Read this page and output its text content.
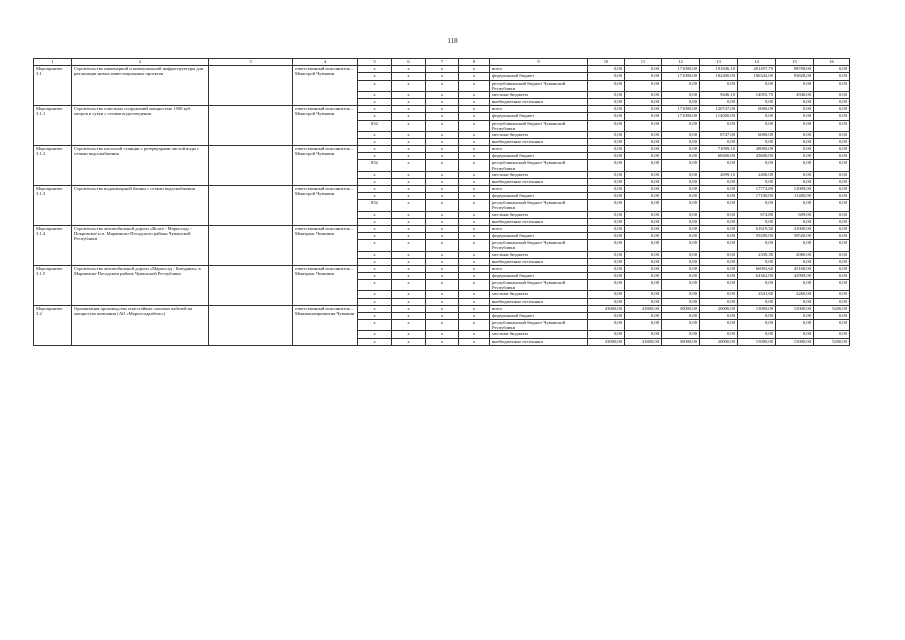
118
1	2	3	4	5	6	7	8	9	10	11	12	13	14	15	16
Мероприятие 3.1	Строительство инженерной и коммунальной инфраструктуры для реализации новых инвестиционных проектов		ответственный исполнитель – Минстрой Чувашии	x	x	x	x	всего	0,00	0,00	171000,00	191846,10	201297,70	98708,00	0,00
				x	x	x	x	федеральный бюджет	0,00	0,00	171000,00	182400,00	186342,00	93828,00	0,00
				x	x	x	x	республиканский бюджет Чувашской Республики	0,00	0,00	0,00	0,00	0,00	0,00	0,00
				x	x	x	x	местные бюджеты	0,00	0,00	0,00	9446,10	14955,70	4940,00	0,00
				x	x	x	x	внебюджетные источники	0,00	0,00	0,00	0,00	0,00	0,00	0,00
Мероприятие 3.1.1	Строительство очистных сооружений мощностью 1500 куб. метров в сутки с сетями водоотведения		ответственный исполнитель – Минстрой Чувашии	x	x	x	x	всего	0,00	0,00	171000,00	120747,00	6000,00	0,00	0,00
				x	x	x	x	федеральный бюджет	0,00	0,00	171000,00	114000,00	0,00	0,00	0,00
				832	x	x	x	республиканский бюджет Чувашской Республики	0,00	0,00	0,00	0,00	0,00	0,00	0,00
				x	x	x	x	местные бюджеты	0,00	0,00	0,00	6747,00	6000,00	0,00	0,00
				x	x	x	x	внебюджетные источники	0,00	0,00	0,00	0,00	0,00	0,00	0,00
Мероприятие 3.1.2	Строительство насосной станции с резервуарами чистой воды с сетями водоснабжения		ответственный исполнитель – Минстрой Чувашии	x	x	x	x	всего	0,00	0,00	0,00	71099,10	48000,00	0,00	0,00
				x	x	x	x	федеральный бюджет	0,00	0,00	0,00	68400,00	45600,00	0,00	0,00
				832	x	x	x	республиканский бюджет Чувашской Республики	0,00	0,00	0,00	0,00	0,00	0,00	0,00
				x	x	x	x	местные бюджеты	0,00	0,00	0,00	2699,10	2400,00	0,00	0,00
				x	x	x	x	внебюджетные источники	0,00	0,00	0,00	0,00	0,00	0,00	0,00
Мероприятие 3.1.3	Строительство водонапорной башни с сетями водоснабжения		ответственный исполнитель – Минстрой Чувашии	x	x	x	x	всего	0,00	0,00	0,00	0,00	17774,80	12009,00	0,00
				x	x	x	x	федеральный бюджет	0,00	0,00	0,00	0,00	17100,00	11400,00	0,00
				832	x	x	x	республиканский бюджет Чувашской Республики	0,00	0,00	0,00	0,00	0,00	0,00	0,00
				x	x	x	x	местные бюджеты	0,00	0,00	0,00	0,00	674,80	609,00	0,00
				x	x	x	x	внебюджетные источники	0,00	0,00	0,00	0,00	0,00	0,00	0,00
Мероприятие 3.1.4	Строительство автомобильной дороги «Волга - Марпосад» - Покровское н.п. Мариинско-Посадского района Чувашской Республики		ответственный исполнитель – Минтранс Чувашии	x	x	x	x	всего	0,00	0,00	0,00	0,00	61619,30	41000,00	0,00
				x	x	x	x	федеральный бюджет	0,00	0,00	0,00	0,00	59280,00	39520,00	0,00
				x	x	x	x	республиканский бюджет Чувашской Республики	0,00	0,00	0,00	0,00	0,00	0,00	0,00
				x	x	x	x	местные бюджеты	0,00	0,00	0,00	0,00	2339,30	2080,00	0,00
				x	x	x	x	внебюджетные источники	0,00	0,00	0,00	0,00	0,00	0,00	0,00
Мероприятие 3.1.5	Строительство автомобильной дороги «Марпосад - Бичурино» в Мариинско-Посадском районе Чувашской Республики		ответственный исполнитель – Минтранс Чувашии	x	x	x	x	всего	0,00	0,00	0,00	0,00	66903,60	45168,00	0,00
				x	x	x	x	федеральный бюджет	0,00	0,00	0,00	0,00	64362,00	42908,00	0,00
				x	x	x	x	республиканский бюджет Чувашской Республики	0,00	0,00	0,00	0,00	0,00	0,00	0,00
				x	x	x	x	местные бюджеты	0,00	0,00	0,00	0,00	2541,60	2260,00	0,00
				x	x	x	x	внебюджетные источники	0,00	0,00	0,00	0,00	0,00	0,00	0,00
Мероприятие 3.2	Организация производства огнестойких силовых кабелей на мощностях компании (АО «Марпосадкабель»)		ответственный исполнитель – Минэкономразвития Чувашии	x	x	x	x	всего	43000,00	41800,00	30000,00	20000,00	15000,00	15000,00	5200,00
				x	x	x	x	федеральный бюджет	0,00	0,00	0,00	0,00	0,00	0,00	0,00
				x	x	x	x	республиканский бюджет Чувашской Республики	0,00	0,00	0,00	0,00	0,00	0,00	0,00
				x	x	x	x	местные бюджеты	0,00	0,00	0,00	0,00	0,00	0,00	0,00
				x	x	x	x	внебюджетные источники	43000,00	41800,00	30000,00	20000,00	15000,00	15000,00	5200,00
